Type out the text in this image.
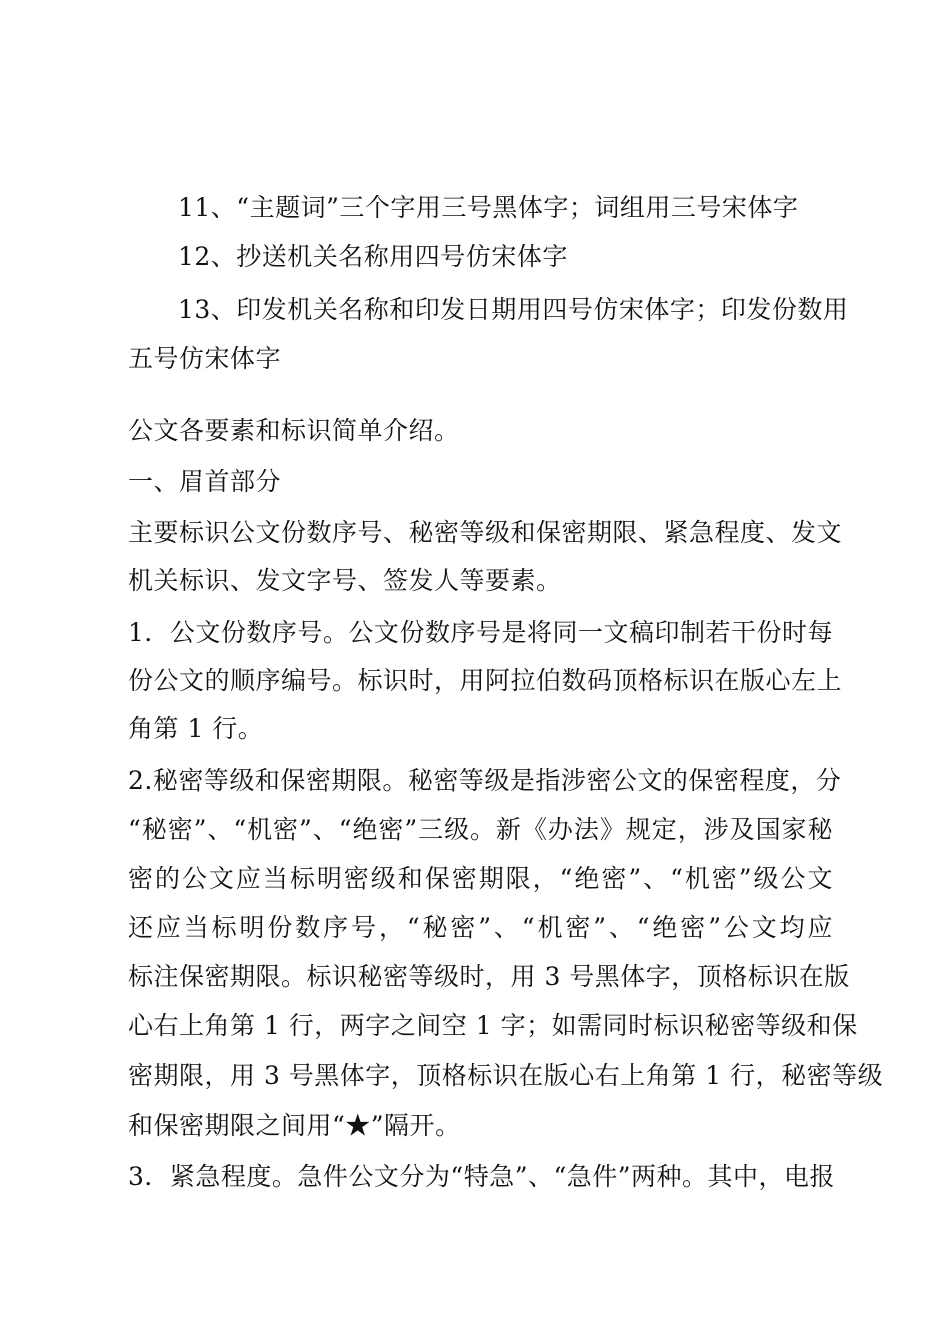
11、“主题词”三个字用三号黑体字；词组用三号宋体字
12、抄送机关名称用四号仿宋体字
13、印发机关名称和印发日期用四号仿宋体字；印发份数用
五号仿宋体字
公文各要素和标识简单介绍。
一、眉首部分
主要标识公文份数序号、秘密等级和保密期限、紧急程度、发文
机关标识、发文字号、签发人等要素。
1．公文份数序号。公文份数序号是将同一文稿印制若干份时每
份公文的顺序编号。标识时，用阿拉伯数码顶格标识在版心左上
角第 1 行。
2.秘密等级和保密期限。秘密等级是指涉密公文的保密程度，分
“秘密”、“机密”、“绝密”三级。新《办法》规定，涉及国家秘
密的公文应当标明密级和保密期限，“绝密”、“机密”级公文
还应当标明份数序号，“秘密”、“机密”、“绝密”公文均应
标注保密期限。标识秘密等级时，用 3 号黑体字，顶格标识在版
心右上角第 1 行，两字之间空 1 字；如需同时标识秘密等级和保
密期限，用 3 号黑体字，顶格标识在版心右上角第 1 行，秘密等级
和保密期限之间用“★”隔开。
3．紧急程度。急件公文分为“特急”、“急件”两种。其中，电报
